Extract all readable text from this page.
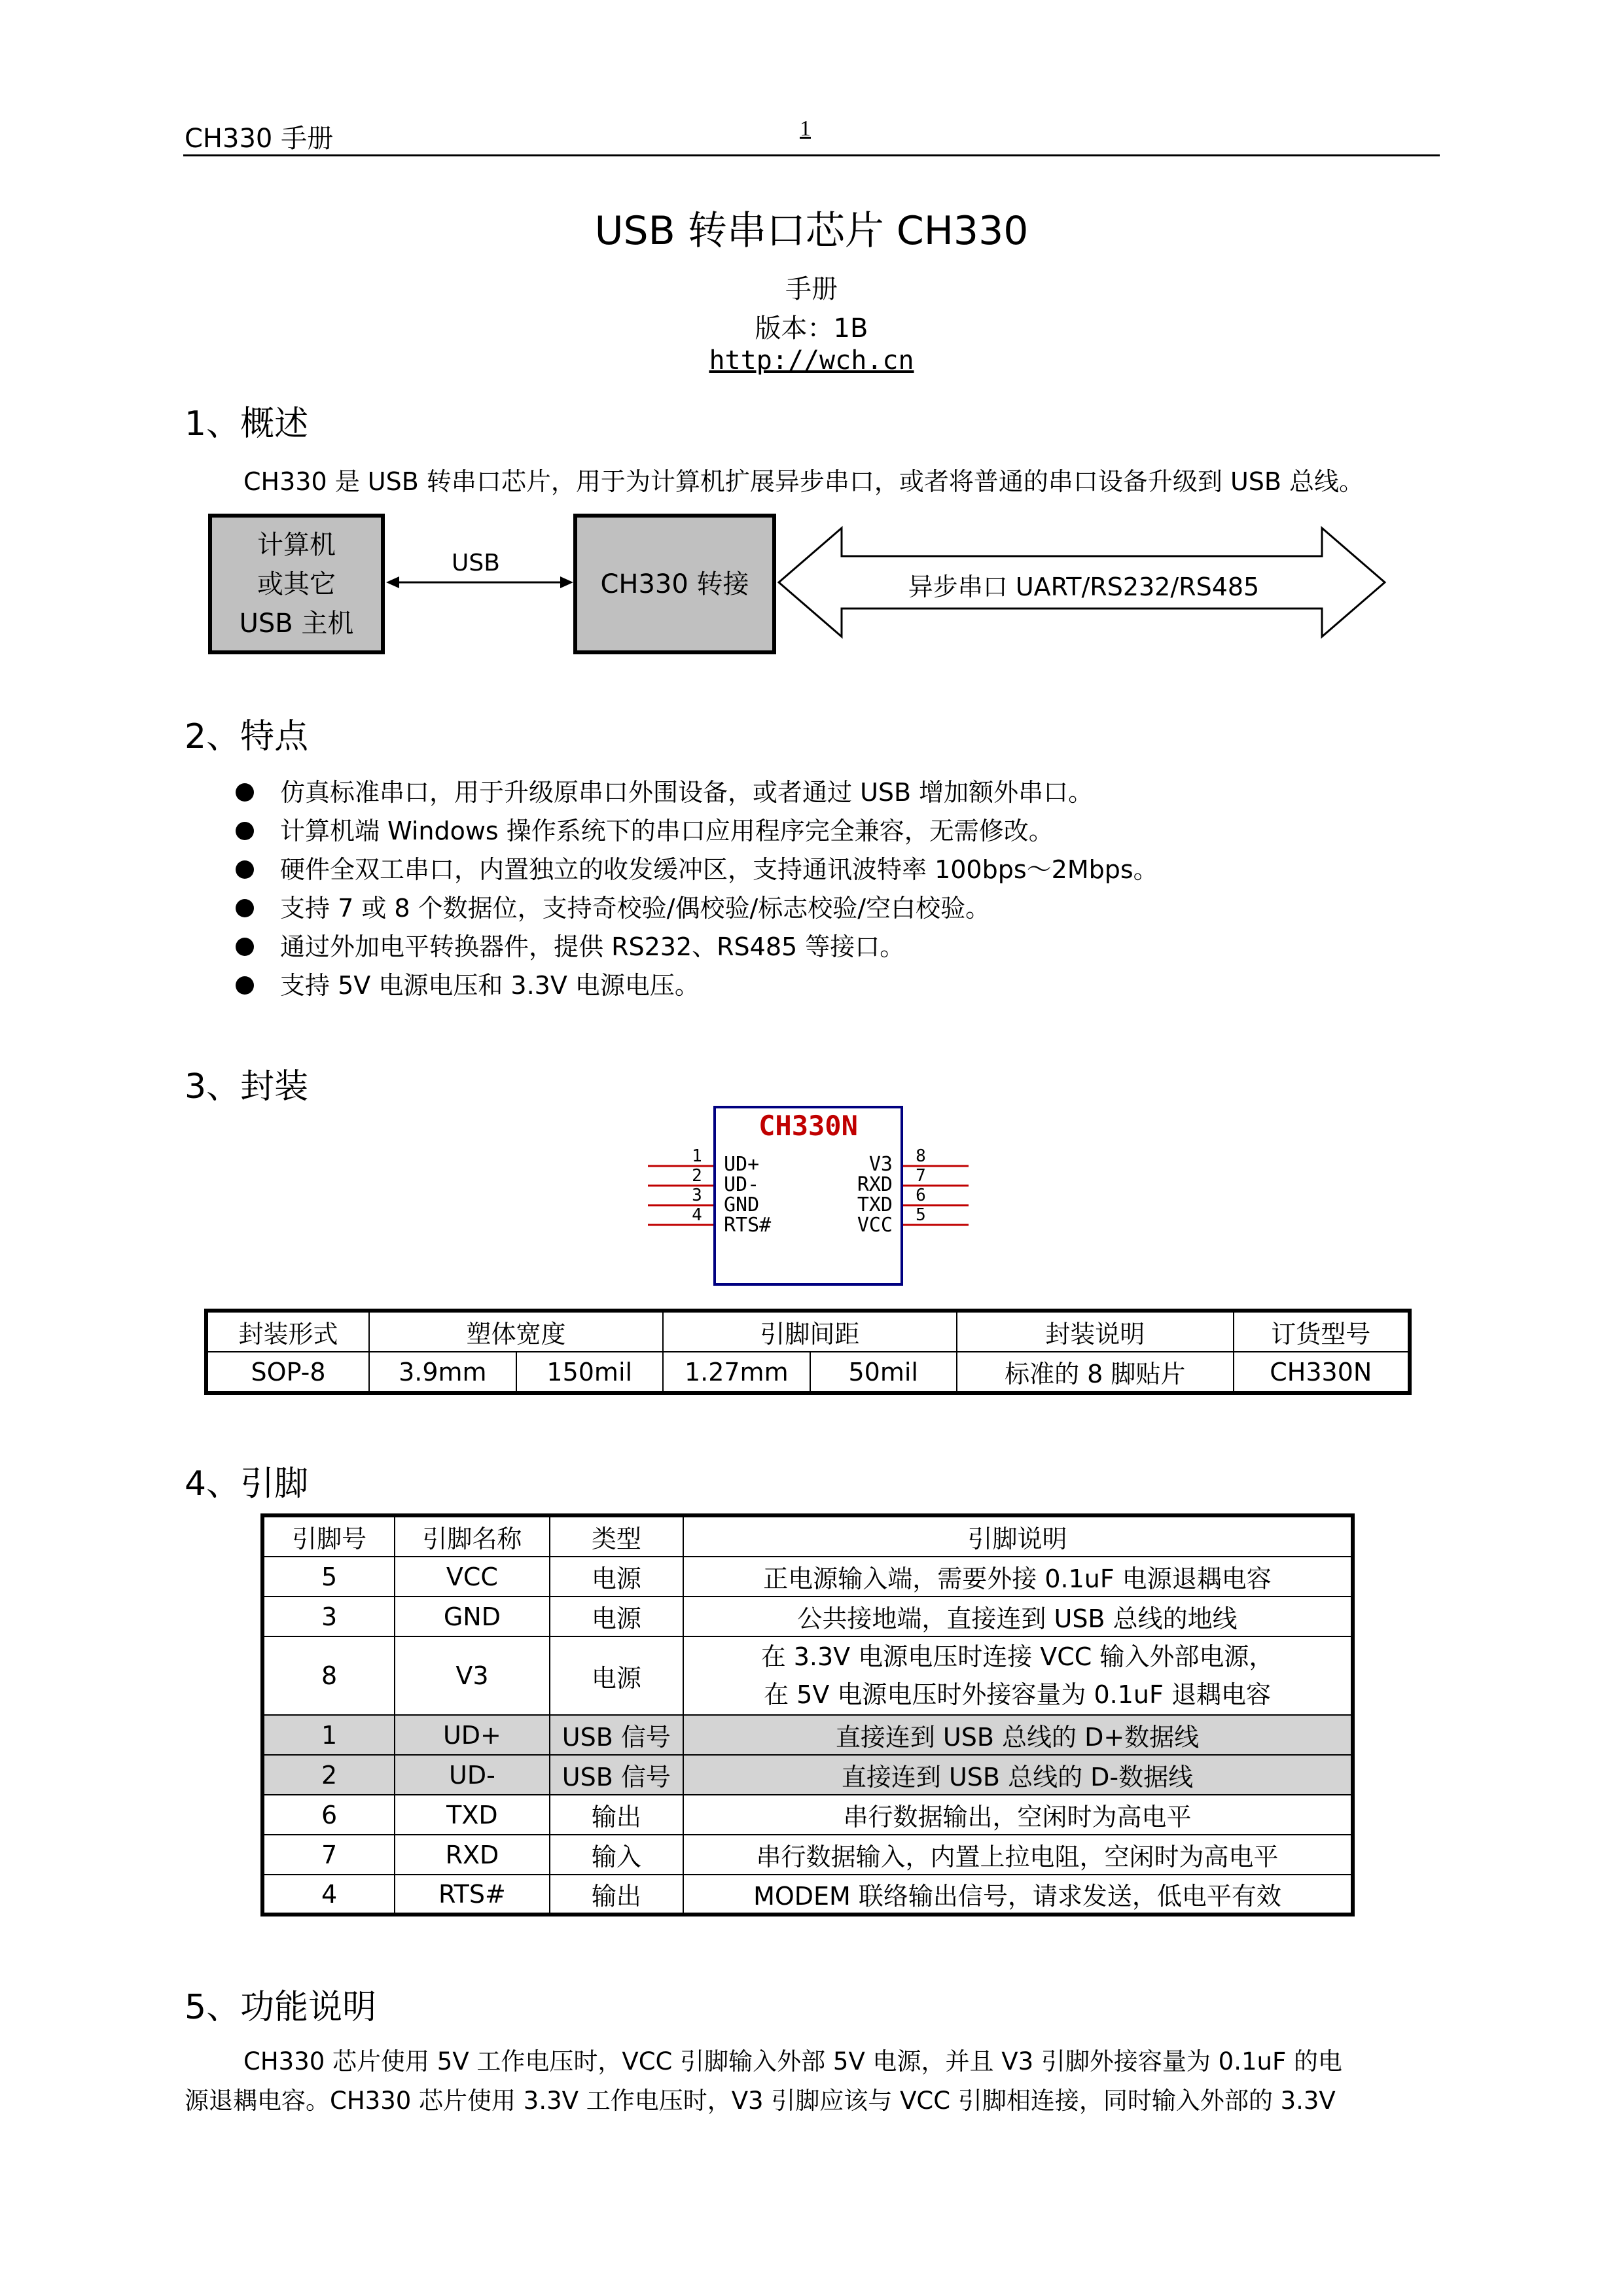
CH330 手册	1
USB 转串口芯片 CH330
手册
版本：1B
http://wch.cn
1、概述
CH330 是 USB 转串口芯片，用于为计算机扩展异步串口，或者将普通的串口设备升级到 USB 总线。
计算机
或其它
USB 主机
USB
CH330 转接	异步串口 UART/RS232/RS485
2、特点
仿真标准串口，用于升级原串口外围设备，或者通过 USB 增加额外串口。
计算机端 Windows 操作系统下的串口应用程序完全兼容，无需修改。
硬件全双工串口，内置独立的收发缓冲区，支持通讯波特率 100bps～2Mbps。
支持 7 或 8 个数据位，支持奇校验/偶校验/标志校验/空白校验。
通过外加电平转换器件，提供 RS232、RS485 等接口。
支持 5V 电源电压和 3.3V 电源电压。
3、封装
CH330N
1
2
3
4
UD+
UD-
GND
RTS#
V3
RXD
TXD
VCC
8
7
6
5
封装形式	塑体宽度		引脚间距		封装说明	订货型号
SOP-8	3.9mm	150mil	1.27mm	50mil	标准的 8 脚贴片	CH330N
4、引脚
引脚号	引脚名称	类型	引脚说明
5	VCC	电源	正电源输入端，需要外接 0.1uF 电源退耦电容
3	GND	电源	公共接地端，直接连到 USB 总线的地线
8	V3	电源	在 3.3V 电源电压时连接 VCC 输入外部电源，
在 5V 电源电压时外接容量为 0.1uF 退耦电容

1	UD+	USB 信号	直接连到 USB 总线的 D+数据线
2	UD-	USB 信号	直接连到 USB 总线的 D-数据线
6	TXD	输出	串行数据输出，空闲时为高电平
7	RXD	输入	串行数据输入，内置上拉电阻，空闲时为高电平
4	RTS#	输出	MODEM 联络输出信号，请求发送，低电平有效
5、功能说明
CH330 芯片使用 5V 工作电压时，VCC 引脚输入外部 5V 电源，并且 V3 引脚外接容量为 0.1uF 的电
源退耦电容。CH330 芯片使用 3.3V 工作电压时，V3 引脚应该与 VCC 引脚相连接，同时输入外部的 3.3V
